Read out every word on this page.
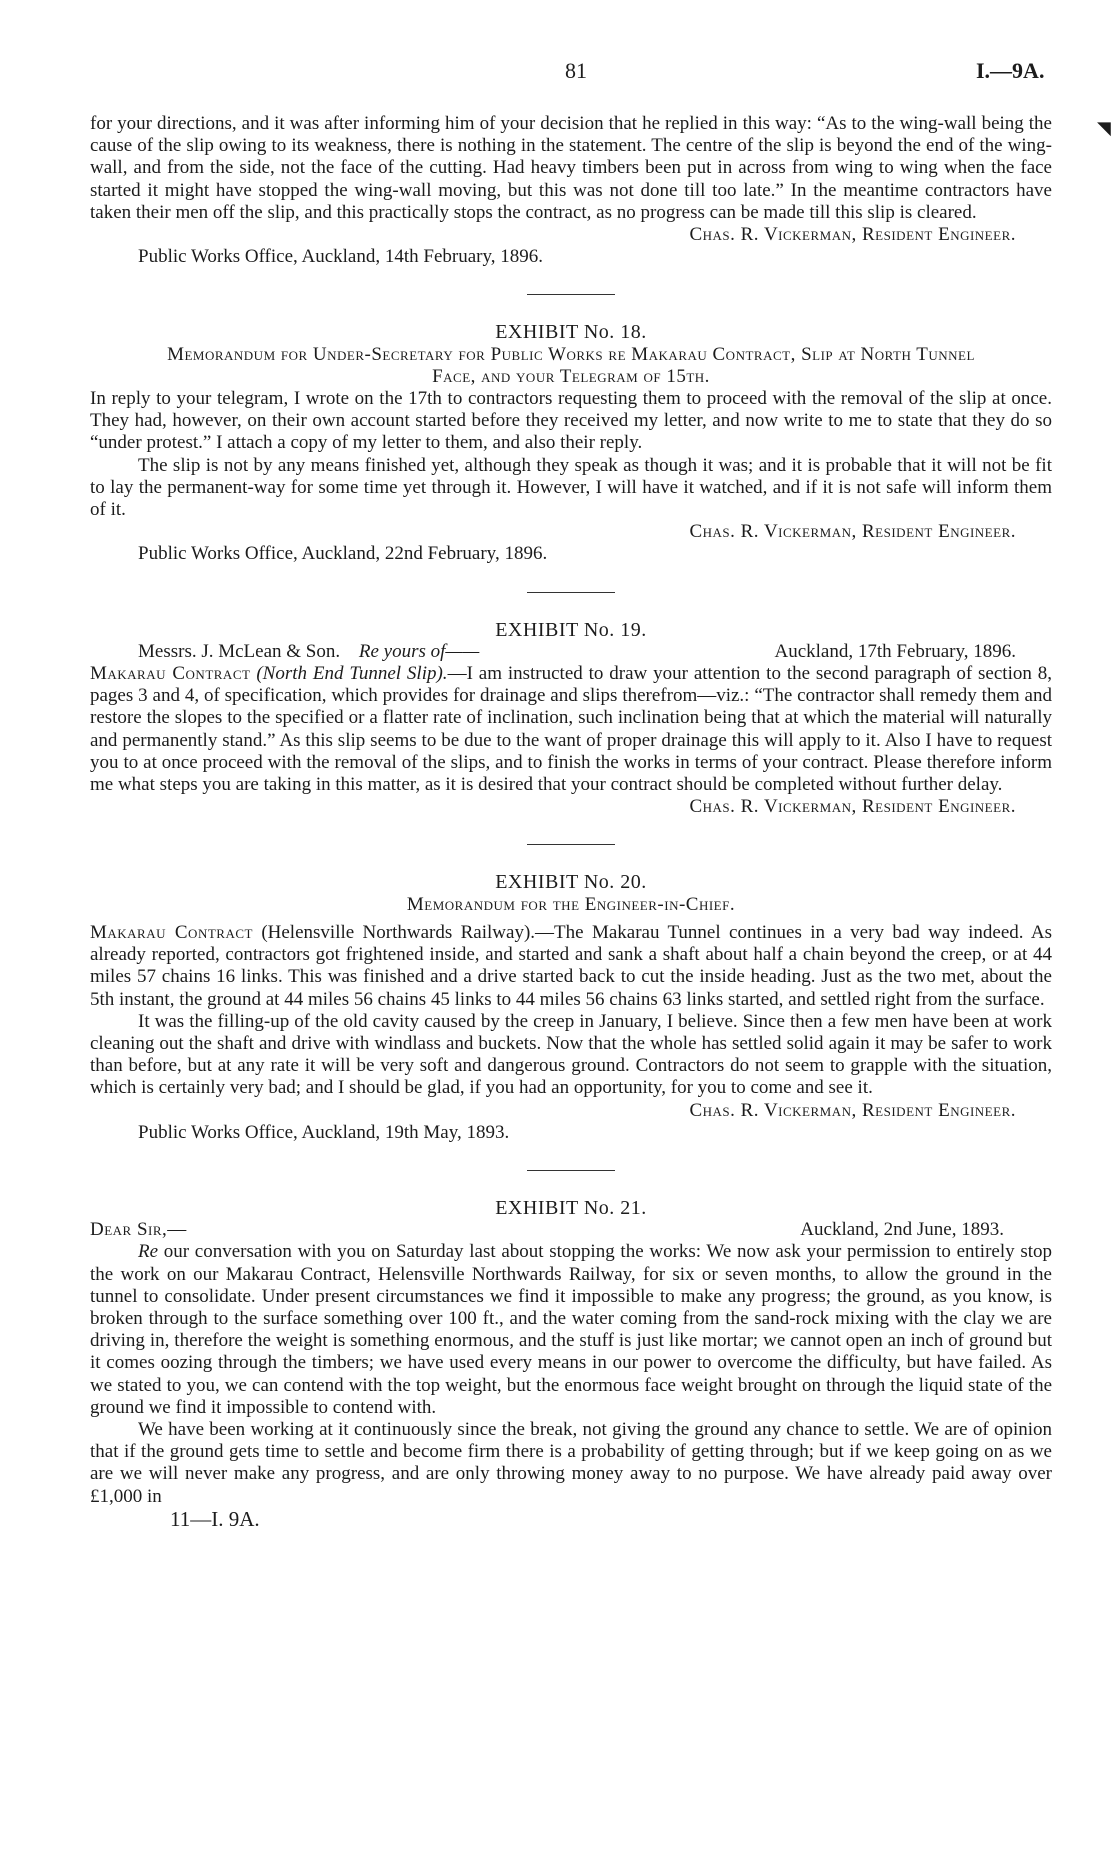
81	I.—9A.
◥

for your directions, and it was after informing him of your decision that he replied in this way: “As to the wing-wall being the cause of the slip owing to its weakness, there is nothing in the statement. The centre of the slip is beyond the end of the wing-wall, and from the side, not the face of the cutting. Had heavy timbers been put in across from wing to wing when the face started it might have stopped the wing-wall moving, but this was not done till too late.” In the meantime contractors have taken their men off the slip, and this practically stops the contract, as no progress can be made till this slip is cleared.

Chas. R. Vickerman, Resident Engineer.

Public Works Office, Auckland, 14th February, 1896.

EXHIBIT No. 18.

Memorandum for Under-Secretary for Public Works re Makarau Contract, Slip at North Tunnel Face, and your Telegram of 15th.

In reply to your telegram, I wrote on the 17th to contractors requesting them to proceed with the removal of the slip at once. They had, however, on their own account started before they received my letter, and now write to me to state that they do so “under protest.” I attach a copy of my letter to them, and also their reply.

The slip is not by any means finished yet, although they speak as though it was; and it is probable that it will not be fit to lay the permanent-way for some time yet through it. However, I will have it watched, and if it is not safe will inform them of it.

Chas. R. Vickerman, Resident Engineer.

Public Works Office, Auckland, 22nd February, 1896.

EXHIBIT No. 19.

Messrs. J. McLean & Son. Re yours of——	Auckland, 17th February, 1896.

Makarau Contract (North End Tunnel Slip).—I am instructed to draw your attention to the second paragraph of section 8, pages 3 and 4, of specification, which provides for drainage and slips therefrom—viz.: “The contractor shall remedy them and restore the slopes to the specified or a flatter rate of inclination, such inclination being that at which the material will naturally and permanently stand.” As this slip seems to be due to the want of proper drainage this will apply to it. Also I have to request you to at once proceed with the removal of the slips, and to finish the works in terms of your contract. Please therefore inform me what steps you are taking in this matter, as it is desired that your contract should be completed without further delay.

Chas. R. Vickerman, Resident Engineer.

EXHIBIT No. 20.

Memorandum for the Engineer-in-Chief.

Makarau Contract (Helensville Northwards Railway).—The Makarau Tunnel continues in a very bad way indeed. As already reported, contractors got frightened inside, and started and sank a shaft about half a chain beyond the creep, or at 44 miles 57 chains 16 links. This was finished and a drive started back to cut the inside heading. Just as the two met, about the 5th instant, the ground at 44 miles 56 chains 45 links to 44 miles 56 chains 63 links started, and settled right from the surface.

It was the filling-up of the old cavity caused by the creep in January, I believe. Since then a few men have been at work cleaning out the shaft and drive with windlass and buckets. Now that the whole has settled solid again it may be safer to work than before, but at any rate it will be very soft and dangerous ground. Contractors do not seem to grapple with the situation, which is certainly very bad; and I should be glad, if you had an opportunity, for you to come and see it.

Chas. R. Vickerman, Resident Engineer.

Public Works Office, Auckland, 19th May, 1893.

EXHIBIT No. 21.

Dear Sir,—	Auckland, 2nd June, 1893.

Re our conversation with you on Saturday last about stopping the works: We now ask your permission to entirely stop the work on our Makarau Contract, Helensville Northwards Railway, for six or seven months, to allow the ground in the tunnel to consolidate. Under present circumstances we find it impossible to make any progress; the ground, as you know, is broken through to the surface something over 100 ft., and the water coming from the sand-rock mixing with the clay we are driving in, therefore the weight is something enormous, and the stuff is just like mortar; we cannot open an inch of ground but it comes oozing through the timbers; we have used every means in our power to overcome the difficulty, but have failed. As we stated to you, we can contend with the top weight, but the enormous face weight brought on through the liquid state of the ground we find it impossible to contend with.

We have been working at it continuously since the break, not giving the ground any chance to settle. We are of opinion that if the ground gets time to settle and become firm there is a probability of getting through; but if we keep going on as we are we will never make any progress, and are only throwing money away to no purpose. We have already paid away over £1,000 in

11—I. 9A.
